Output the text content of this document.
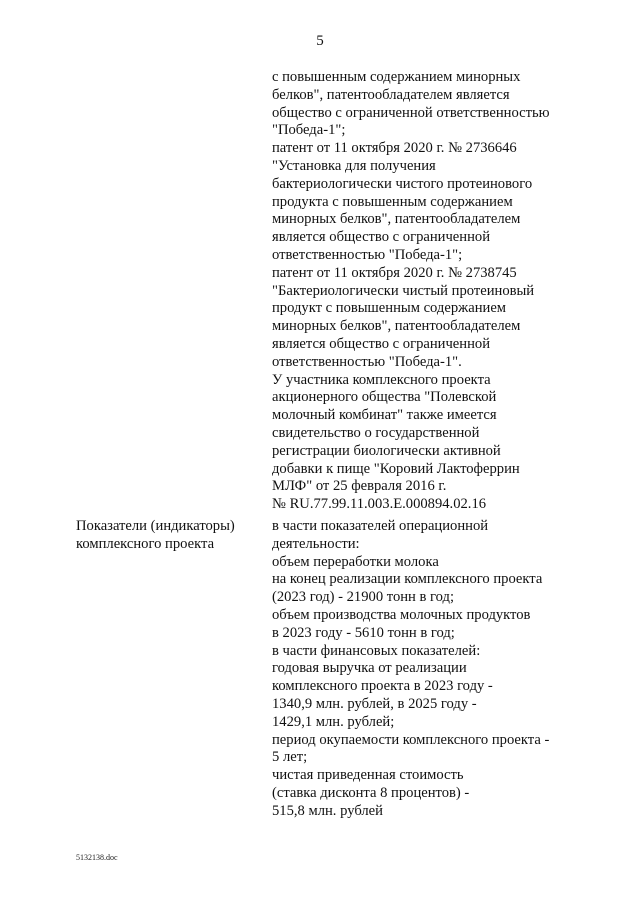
5
с повышенным содержанием минорных
белков", патентообладателем является
общество с ограниченной ответственностью
"Победа-1";
патент от 11 октября 2020 г. № 2736646
"Установка для получения
бактериологически чистого протеинового
продукта с повышенным содержанием
минорных белков", патентообладателем
является общество с ограниченной
ответственностью "Победа-1";
патент от 11 октября 2020 г. № 2738745
"Бактериологически чистый протеиновый
продукт с повышенным содержанием
минорных белков", патентообладателем
является общество с ограниченной
ответственностью "Победа-1".
У участника комплексного проекта
акционерного общества "Полевской
молочный комбинат" также имеется
свидетельство о государственной
регистрации биологически активной
добавки к пище "Коровий Лактоферрин
МЛФ" от 25 февраля 2016 г.
№ RU.77.99.11.003.Е.000894.02.16
Показатели (индикаторы)
комплексного проекта
в части показателей операционной
деятельности:
объем переработки молока
на конец реализации комплексного проекта
(2023 год) - 21900 тонн в год;
объем производства молочных продуктов
в 2023 году - 5610 тонн в год;
в части финансовых показателей:
годовая выручка от реализации
комплексного проекта в 2023 году -
1340,9 млн. рублей, в 2025 году -
1429,1 млн. рублей;
период окупаемости комплексного проекта -
5 лет;
чистая приведенная стоимость
(ставка дисконта 8 процентов) -
515,8 млн. рублей
5132138.doc
